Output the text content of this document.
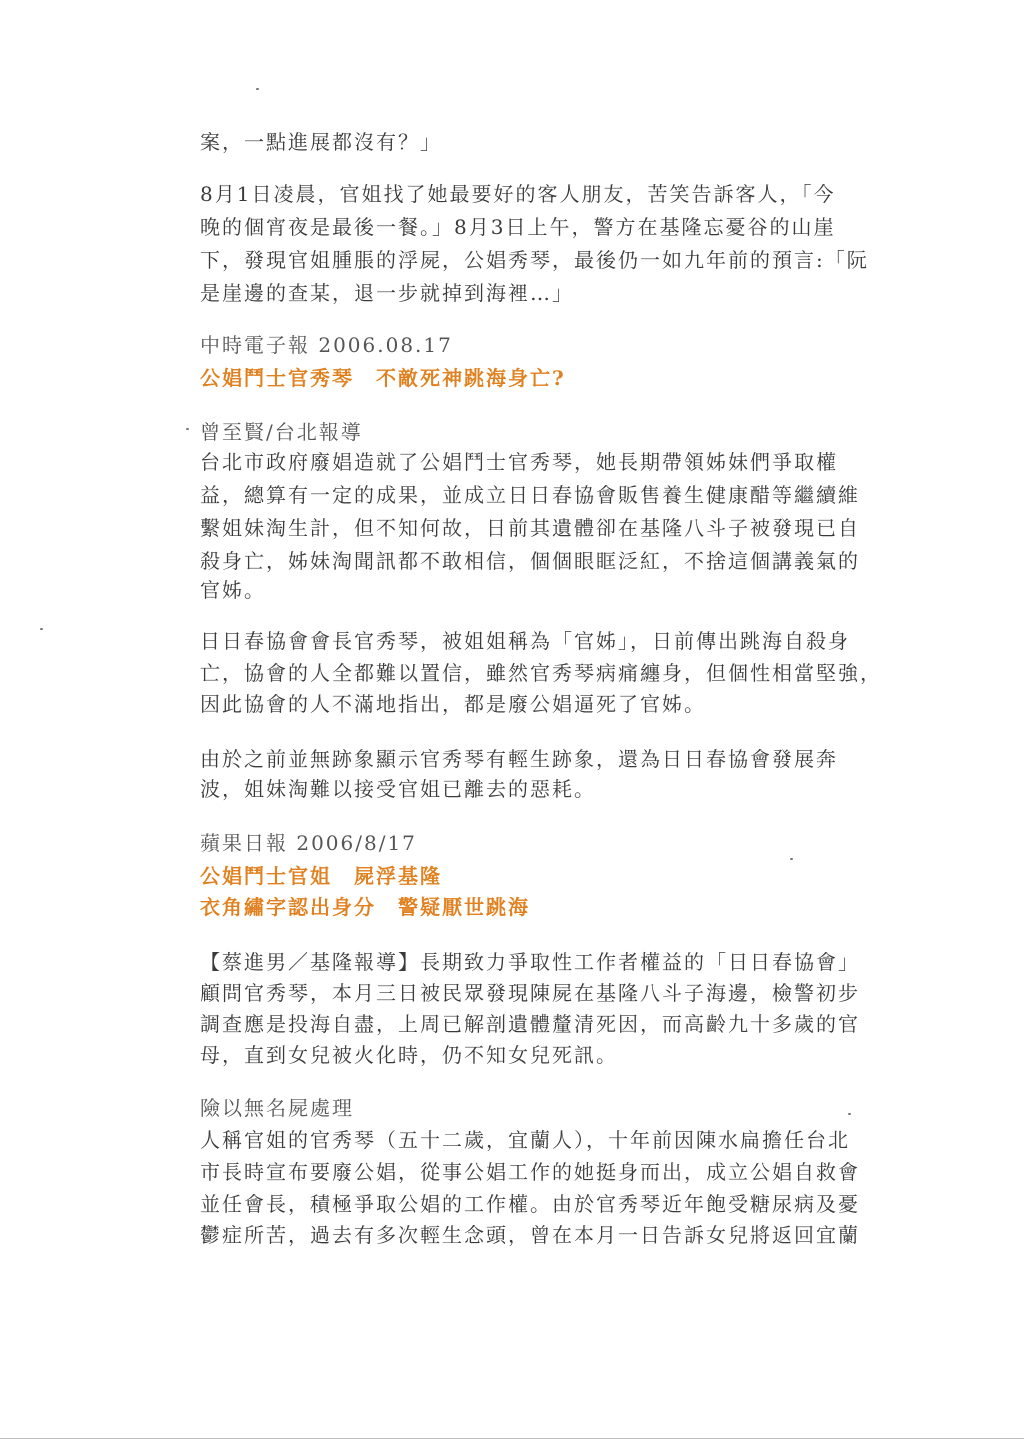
案，一點進展都沒有？」
8月1日凌晨，官姐找了她最要好的客人朋友，苦笑告訴客人，「今
晚的個宵夜是最後一餐。」8月3日上午，警方在基隆忘憂谷的山崖
下，發現官姐腫脹的浮屍，公娼秀琴，最後仍一如九年前的預言:「阮
是崖邊的查某，退一步就掉到海裡…」
中時電子報 2006.08.17
公娼鬥士官秀琴　不敵死神跳海身亡?
曾至賢/台北報導
台北市政府廢娼造就了公娼鬥士官秀琴，她長期帶領姊妹們爭取權
益，總算有一定的成果，並成立日日春協會販售養生健康醋等繼續維
繫姐妹淘生計，但不知何故，日前其遺體卻在基隆八斗子被發現已自
殺身亡，姊妹淘聞訊都不敢相信，個個眼眶泛紅，不捨這個講義氣的
官姊。
日日春協會會長官秀琴，被姐姐稱為「官姊」，日前傳出跳海自殺身
亡，協會的人全都難以置信，雖然官秀琴病痛纏身，但個性相當堅強，
因此協會的人不滿地指出，都是廢公娼逼死了官姊。
由於之前並無跡象顯示官秀琴有輕生跡象，還為日日春協會發展奔
波，姐妹淘難以接受官姐已離去的惡耗。
蘋果日報 2006/8/17
公娼鬥士官姐　屍浮基隆
衣角繡字認出身分　警疑厭世跳海
【蔡進男／基隆報導】長期致力爭取性工作者權益的「日日春協會」
顧問官秀琴，本月三日被民眾發現陳屍在基隆八斗子海邊，檢警初步
調查應是投海自盡，上周已解剖遺體釐清死因，而高齡九十多歲的官
母，直到女兒被火化時，仍不知女兒死訊。
險以無名屍處理
人稱官姐的官秀琴（五十二歲，宜蘭人），十年前因陳水扁擔任台北
市長時宣布要廢公娼，從事公娼工作的她挺身而出，成立公娼自救會
並任會長，積極爭取公娼的工作權。由於官秀琴近年飽受糖尿病及憂
鬱症所苦，過去有多次輕生念頭，曾在本月一日告訴女兒將返回宜蘭
